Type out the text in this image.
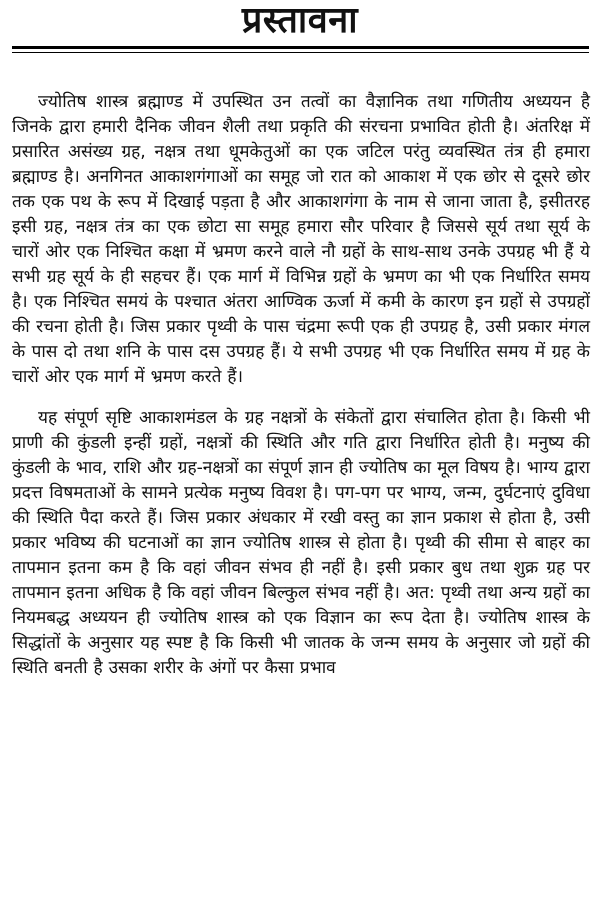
प्रस्तावना

ज्योतिष शास्त्र ब्रह्माण्ड में उपस्थित उन तत्वों का वैज्ञानिक तथा गणितीय अध्ययन है जिनके द्वारा हमारी दैनिक जीवन शैली तथा प्रकृति की संरचना प्रभावित होती है। अंतरिक्ष में प्रसारित असंख्य ग्रह, नक्षत्र तथा धूमकेतुओं का एक जटिल परंतु व्यवस्थित तंत्र ही हमारा ब्रह्माण्ड है। अनगिनत आकाशगंगाओं का समूह जो रात को आकाश में एक छोर से दूसरे छोर तक एक पथ के रूप में दिखाई पड़ता है और आकाशगंगा के नाम से जाना जाता है, इसीतरह इसी ग्रह, नक्षत्र तंत्र का एक छोटा सा समूह हमारा सौर परिवार है जिससे सूर्य तथा सूर्य के चारों ओर एक निश्चित कक्षा में भ्रमण करने वाले नौ ग्रहों के साथ-साथ उनके उपग्रह भी हैं ये सभी ग्रह सूर्य के ही सहचर हैं। एक मार्ग में विभिन्न ग्रहों के भ्रमण का भी एक निर्धारित समय है। एक निश्चित समयं के पश्चात अंतरा आण्विक ऊर्जा में कमी के कारण इन ग्रहों से उपग्रहों की रचना होती है। जिस प्रकार पृथ्वी के पास चंद्रमा रूपी एक ही उपग्रह है, उसी प्रकार मंगल के पास दो तथा शनि के पास दस उपग्रह हैं। ये सभी उपग्रह भी एक निर्धारित समय में ग्रह के चारों ओर एक मार्ग में भ्रमण करते हैं।

यह संपूर्ण सृष्टि आकाशमंडल के ग्रह नक्षत्रों के संकेतों द्वारा संचालित होता है। किसी भी प्राणी की कुंडली इन्हीं ग्रहों, नक्षत्रों की स्थिति और गति द्वारा निर्धारित होती है। मनुष्य की कुंडली के भाव, राशि और ग्रह-नक्षत्रों का संपूर्ण ज्ञान ही ज्योतिष का मूल विषय है। भाग्य द्वारा प्रदत्त विषमताओं के सामने प्रत्येक मनुष्य विवश है। पग-पग पर भाग्य, जन्म, दुर्घटनाएं दुविधा की स्थिति पैदा करते हैं। जिस प्रकार अंधकार में रखी वस्तु का ज्ञान प्रकाश से होता है, उसी प्रकार भविष्य की घटनाओं का ज्ञान ज्योतिष शास्त्र से होता है। पृथ्वी की सीमा से बाहर का तापमान इतना कम है कि वहां जीवन संभव ही नहीं है। इसी प्रकार बुध तथा शुक्र ग्रह पर तापमान इतना अधिक है कि वहां जीवन बिल्कुल संभव नहीं है। अत: पृथ्वी तथा अन्य ग्रहों का नियमबद्ध अध्ययन ही ज्योतिष शास्त्र को एक विज्ञान का रूप देता है। ज्योतिष शास्त्र के सिद्धांतों के अनुसार यह स्पष्ट है कि किसी भी जातक के जन्म समय के अनुसार जो ग्रहों की स्थिति बनती है उसका शरीर के अंगों पर कैसा प्रभाव
